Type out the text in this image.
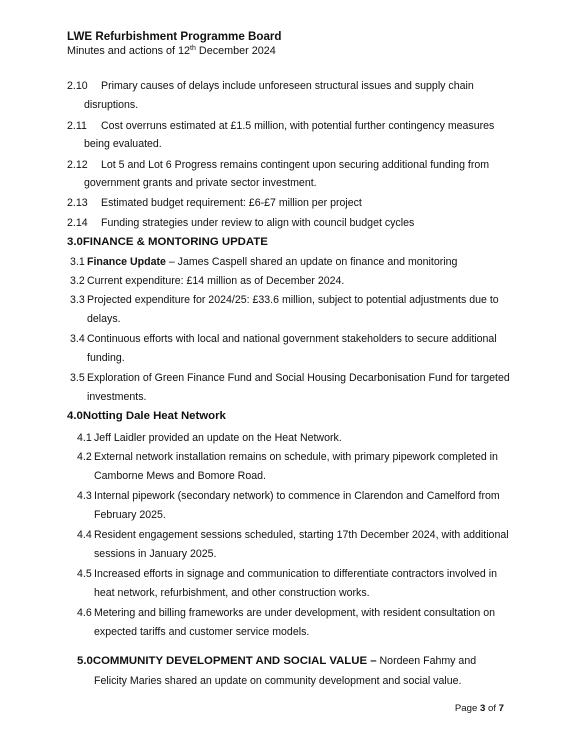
LWE Refurbishment Programme Board
Minutes and actions of 12th December 2024
2.10 Primary causes of delays include unforeseen structural issues and supply chain
disruptions.
2.11 Cost overruns estimated at £1.5 million, with potential further contingency measures
being evaluated.
2.12 Lot 5 and Lot 6 Progress remains contingent upon securing additional funding from
government grants and private sector investment.
2.13 Estimated budget requirement: £6-£7 million per project
2.14 Funding strategies under review to align with council budget cycles
3.0FINANCE & MONTORING UPDATE
3.1 Finance Update – James Caspell shared an update on finance and monitoring
3.2 Current expenditure: £14 million as of December 2024.
3.3 Projected expenditure for 2024/25: £33.6 million, subject to potential adjustments due to
delays.
3.4 Continuous efforts with local and national government stakeholders to secure additional
funding.
3.5 Exploration of Green Finance Fund and Social Housing Decarbonisation Fund for targeted
investments.
4.0Notting Dale Heat Network
4.1 Jeff Laidler provided an update on the Heat Network.
4.2 External network installation remains on schedule, with primary pipework completed in
Camborne Mews and Bomore Road.
4.3 Internal pipework (secondary network) to commence in Clarendon and Camelford from
February 2025.
4.4 Resident engagement sessions scheduled, starting 17th December 2024, with additional
sessions in January 2025.
4.5 Increased efforts in signage and communication to differentiate contractors involved in
heat network, refurbishment, and other construction works.
4.6 Metering and billing frameworks are under development, with resident consultation on
expected tariffs and customer service models.
5.0COMMUNITY DEVELOPMENT AND SOCIAL VALUE – Nordeen Fahmy and
Felicity Maries shared an update on community development and social value.
Page 3 of 7
